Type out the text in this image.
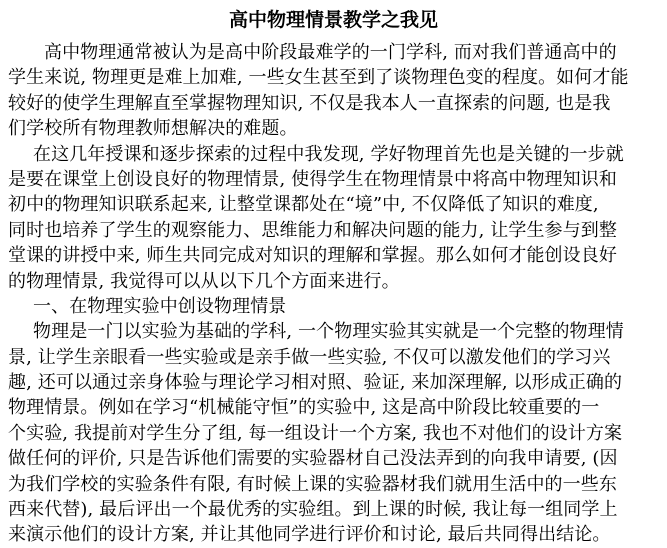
高中物理情景教学之我见
高中物理通常被认为是高中阶段最难学的一门学科, 而对我们普通高中的
学生来说, 物理更是难上加难, 一些女生甚至到了谈物理色变的程度。如何才能
较好的使学生理解直至掌握物理知识, 不仅是我本人一直探索的问题, 也是我
们学校所有物理教师想解决的难题。
在这几年授课和逐步探索的过程中我发现, 学好物理首先也是关键的一步就
是要在课堂上创设良好的物理情景, 使得学生在物理情景中将高中物理知识和
初中的物理知识联系起来, 让整堂课都处在“境”中, 不仅降低了知识的难度,
同时也培养了学生的观察能力、思维能力和解决问题的能力, 让学生参与到整
堂课的讲授中来, 师生共同完成对知识的理解和掌握。那么如何才能创设良好
的物理情景, 我觉得可以从以下几个方面来进行。
一、在物理实验中创设物理情景
物理是一门以实验为基础的学科, 一个物理实验其实就是一个完整的物理情
景, 让学生亲眼看一些实验或是亲手做一些实验, 不仅可以激发他们的学习兴
趣, 还可以通过亲身体验与理论学习相对照、验证, 来加深理解, 以形成正确的
物理情景。例如在学习“机械能守恒”的实验中, 这是高中阶段比较重要的一
个实验, 我提前对学生分了组, 每一组设计一个方案, 我也不对他们的设计方案
做任何的评价, 只是告诉他们需要的实验器材自己没法弄到的向我申请要, (因
为我们学校的实验条件有限, 有时候上课的实验器材我们就用生活中的一些东
西来代替), 最后评出一个最优秀的实验组。到上课的时候, 我让每一组同学上
来演示他们的设计方案, 并让其他同学进行评价和讨论, 最后共同得出结论。
